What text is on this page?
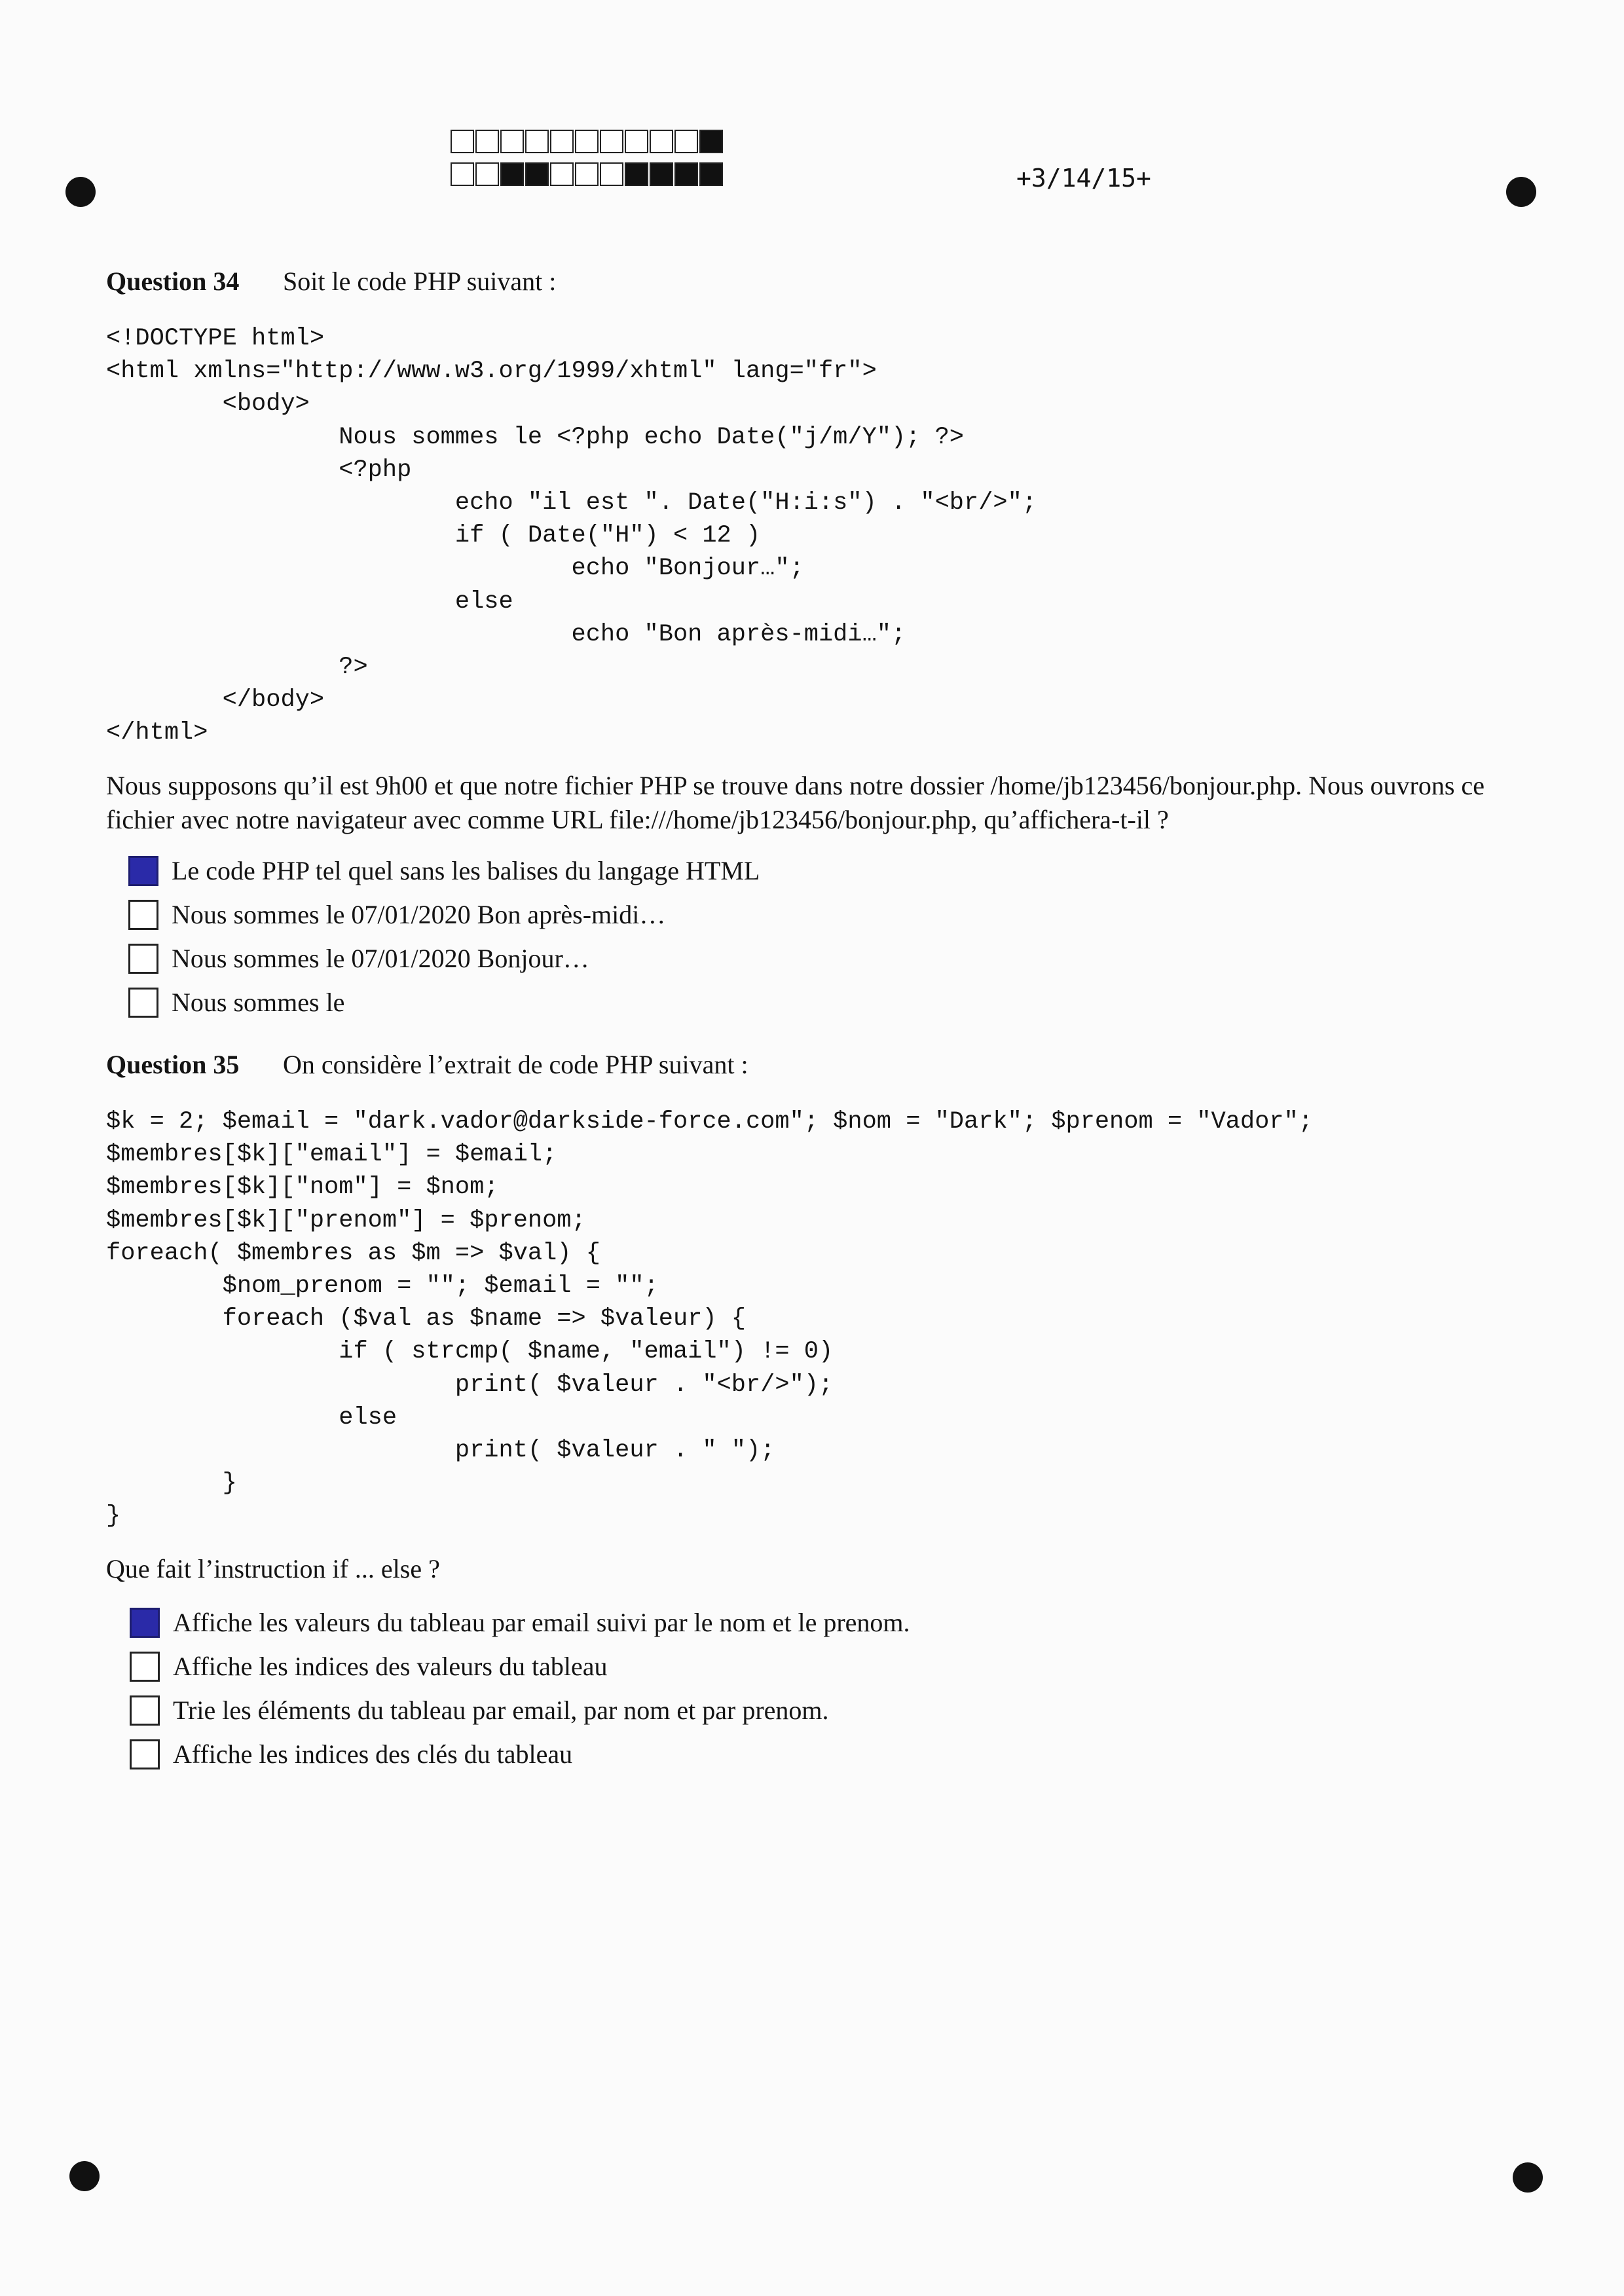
+3/14/15+
Question 34 Soit le code PHP suivant :
<!DOCTYPE html>
<html xmlns="http://www.w3.org/1999/xhtml" lang="fr">
<body>
Nous sommes le <?php echo Date("j/m/Y"); ?>
<?php
echo "il est ". Date("H:i:s") . "<br/>";
if ( Date("H") < 12 )
echo "Bonjour…";
else
echo "Bon après-midi…";
?>
</body>
</html>
Nous supposons qu’il est 9h00 et que notre fichier PHP se trouve dans notre dossier /home/jb123456/bonjour.php. Nous ouvrons ce fichier avec notre navigateur avec comme URL file:///home/jb123456/bonjour.php, qu’affichera-t-il ?
Le code PHP tel quel sans les balises du langage HTML
Nous sommes le 07/01/2020 Bon après-midi…
Nous sommes le 07/01/2020 Bonjour…
Nous sommes le
Question 35 On considère l’extrait de code PHP suivant :
$k = 2; $email = "dark.vador@darkside-force.com"; $nom = "Dark"; $prenom = "Vador";
$membres[$k]["email"] = $email;
$membres[$k]["nom"] = $nom;
$membres[$k]["prenom"] = $prenom;
foreach( $membres as $m => $val) {
$nom_prenom = ""; $email = "";
foreach ($val as $name => $valeur) {
if ( strcmp( $name, "email") != 0)
print( $valeur . "<br/>");
else
print( $valeur . " ");
}
}
Que fait l’instruction if ... else ?
Affiche les valeurs du tableau par email suivi par le nom et le prenom.
Affiche les indices des valeurs du tableau
Trie les éléments du tableau par email, par nom et par prenom.
Affiche les indices des clés du tableau
